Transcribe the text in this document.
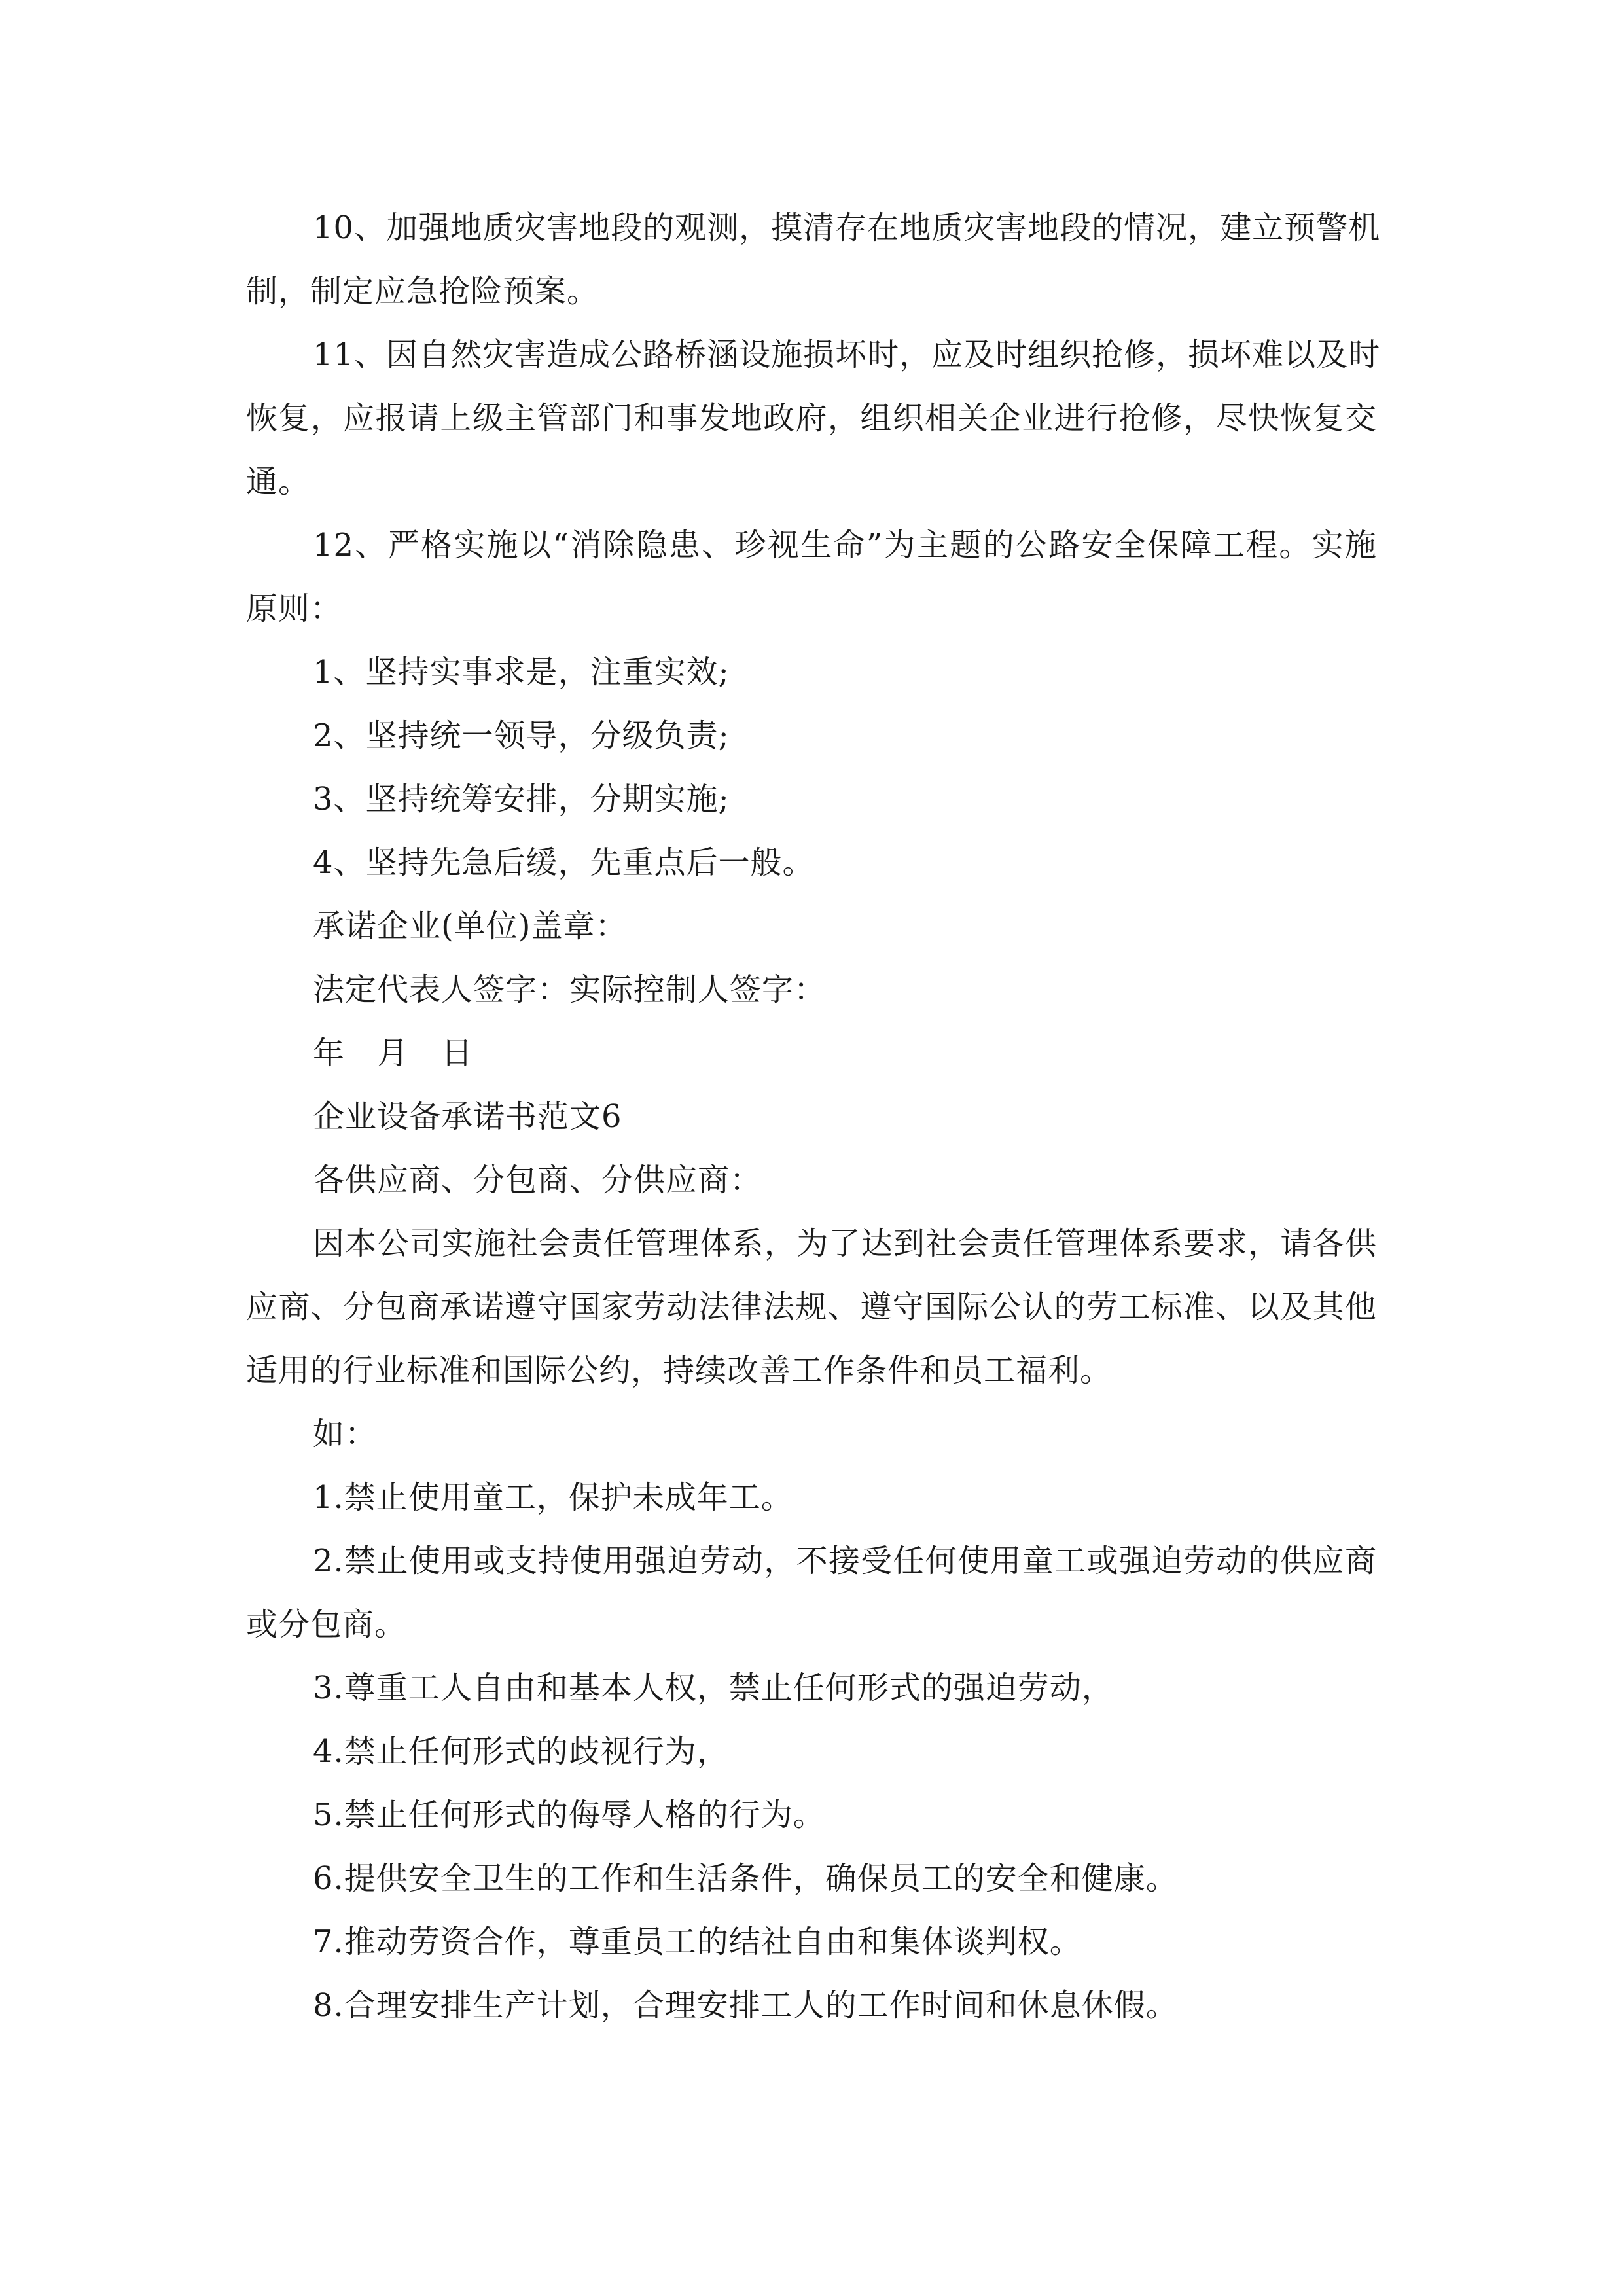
10、加强地质灾害地段的观测，摸清存在地质灾害地段的情况，建立预警机
制，制定应急抢险预案。
11、因自然灾害造成公路桥涵设施损坏时，应及时组织抢修，损坏难以及时
恢复，应报请上级主管部门和事发地政府，组织相关企业进行抢修，尽快恢复交
通。
12、严格实施以“消除隐患、珍视生命”为主题的公路安全保障工程。实施
原则：
1、坚持实事求是，注重实效;
2、坚持统一领导，分级负责;
3、坚持统筹安排，分期实施;
4、坚持先急后缓，先重点后一般。
承诺企业(单位)盖章：
法定代表人签字：实际控制人签字：
年　月　日
企业设备承诺书范文6
各供应商、分包商、分供应商：
因本公司实施社会责任管理体系，为了达到社会责任管理体系要求，请各供
应商、分包商承诺遵守国家劳动法律法规、遵守国际公认的劳工标准、以及其他
适用的行业标准和国际公约，持续改善工作条件和员工福利。
如：
1.禁止使用童工，保护未成年工。
2.禁止使用或支持使用强迫劳动，不接受任何使用童工或强迫劳动的供应商
或分包商。
3.尊重工人自由和基本人权，禁止任何形式的强迫劳动，
4.禁止任何形式的歧视行为，
5.禁止任何形式的侮辱人格的行为。
6.提供安全卫生的工作和生活条件，确保员工的安全和健康。
7.推动劳资合作，尊重员工的结社自由和集体谈判权。
8.合理安排生产计划，合理安排工人的工作时间和休息休假。
